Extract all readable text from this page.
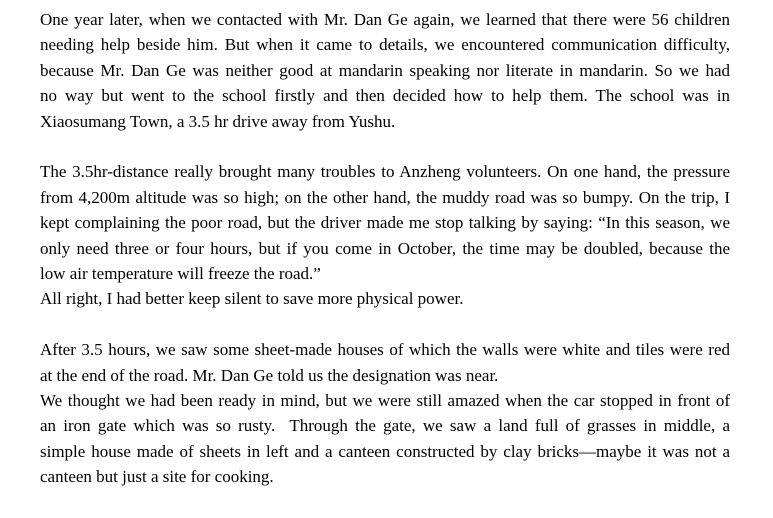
One year later, when we contacted with Mr. Dan Ge again, we learned that there were 56 children
needing help beside him. But when it came to details, we encountered communication difficulty,
because Mr. Dan Ge was neither good at mandarin speaking nor literate in mandarin. So we had
no way but went to the school firstly and then decided how to help them. The school was in
Xiaosumang Town, a 3.5 hr drive away from Yushu.
The 3.5hr-distance really brought many troubles to Anzheng volunteers. On one hand, the pressure
from 4,200m altitude was so high; on the other hand, the muddy road was so bumpy. On the trip, I
kept complaining the poor road, but the driver made me stop talking by saying: “In this season, we
only need three or four hours, but if you come in October, the time may be doubled, because the
low air temperature will freeze the road.”
All right, I had better keep silent to save more physical power.
After 3.5 hours, we saw some sheet-made houses of which the walls were white and tiles were red
at the end of the road. Mr. Dan Ge told us the designation was near.
We thought we had been ready in mind, but we were still amazed when the car stopped in front of
an iron gate which was so rusty.  Through the gate, we saw a land full of grasses in middle, a
simple house made of sheets in left and a canteen constructed by clay bricks—maybe it was not a
canteen but just a site for cooking.
